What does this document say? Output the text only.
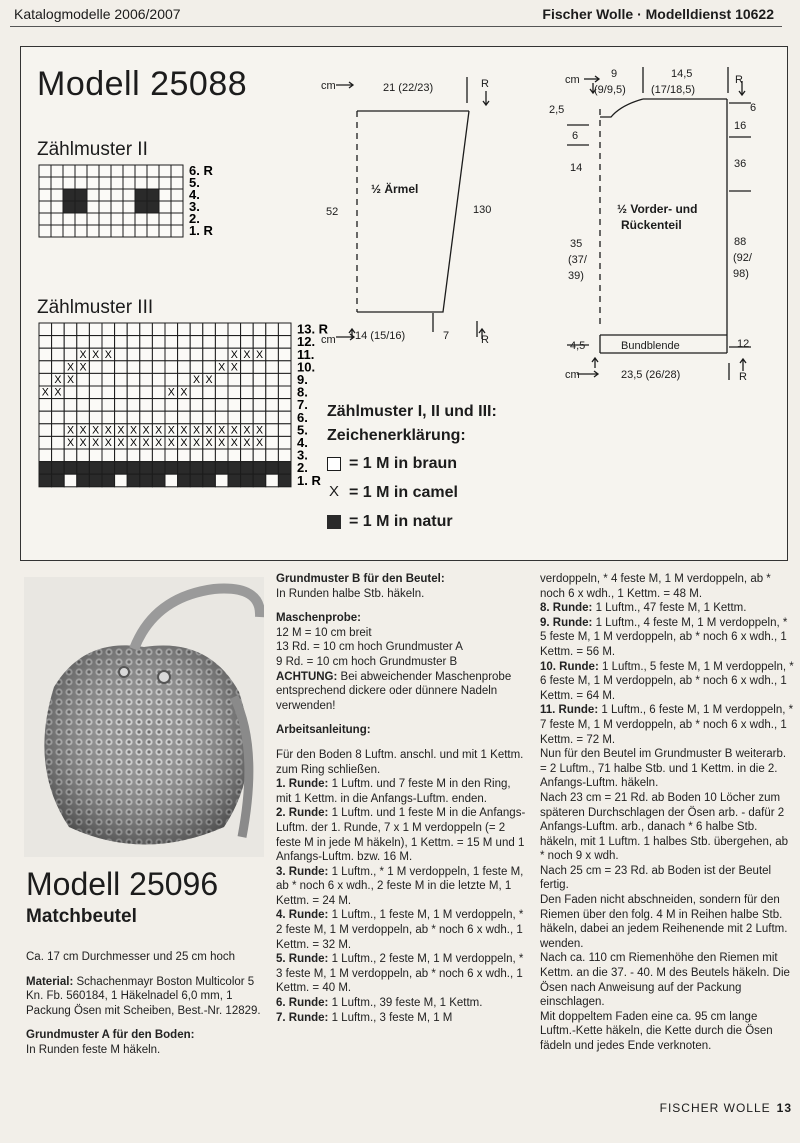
Katalogmodelle 2006/2007	Fischer Wolle · Modelldienst 10622
Modell 25088
Zählmuster II
Zählmuster III
6. R
5.
4.
3.
2.
1. R
13. R
12.
X X X	X X X	11.
X X	X X	10.
X X	X X	9.
X X	X X	8.
7.
6.
X X X X X X X X X X X X X X X X	5.
X X X X X X X X X X X X X X X X	4.
3.
2.
1. R
cm	21 (22/23)	R
52
½ Ärmel
130
cm 14 (15/16)	7	R
cm	9
(9/9,5)
14,5
(17/18,5)
R
2,5
6
14
35
(37/
39)
4,5
6
16
36
88
(92/
98)
12
½ Vorder- und
Rückenteil
Bundblende
cm	23,5 (26/28)	R
Zählmuster I, II und III:
Zeichenerklärung:
= 1 M in braun
X = 1 M in camel
= 1 M in natur
Modell 25096
Matchbeutel

Ca. 17 cm Durchmesser und 25 cm hoch

Material: Schachenmayr Boston Multicolor 5 Kn. Fb. 560184, 1 Häkelnadel 6,0 mm, 1 Packung Ösen mit Scheiben, Best.-Nr. 12829.

Grundmuster A für den Boden:

In Runden feste M häkeln.

Grundmuster B für den Beutel:

In Runden halbe Stb. häkeln.

Maschenprobe:

12 M = 10 cm breit

13 Rd. = 10 cm hoch Grundmuster A

9 Rd. = 10 cm hoch Grundmuster B

ACHTUNG: Bei abweichender Maschenprobe entsprechend dickere oder dünnere Nadeln verwenden!

Arbeitsanleitung:

Für den Boden 8 Luftm. anschl. und mit 1 Kettm. zum Ring schließen.

1. Runde: 1 Luftm. und 7 feste M in den Ring, mit 1 Kettm. in die Anfangs-Luftm. enden.

2. Runde: 1 Luftm. und 1 feste M in die Anfangs-Luftm. der 1. Runde, 7 x 1 M verdoppeln (= 2 feste M in jede M häkeln), 1 Kettm. = 15 M und 1 Anfangs-Luftm. bzw. 16 M.

3. Runde: 1 Luftm., * 1 M verdoppeln, 1 feste M, ab * noch 6 x wdh., 2 feste M in die letzte M, 1 Kettm. = 24 M.

4. Runde: 1 Luftm., 1 feste M, 1 M verdoppeln, * 2 feste M, 1 M verdoppeln, ab * noch 6 x wdh., 1 Kettm. = 32 M.

5. Runde: 1 Luftm., 2 feste M, 1 M verdoppeln, * 3 feste M, 1 M verdoppeln, ab * noch 6 x wdh., 1 Kettm. = 40 M.

6. Runde: 1 Luftm., 39 feste M, 1 Kettm.

7. Runde: 1 Luftm., 3 feste M, 1 M

verdoppeln, * 4 feste M, 1 M verdoppeln, ab * noch 6 x wdh., 1 Kettm. = 48 M.

8. Runde: 1 Luftm., 47 feste M, 1 Kettm.

9. Runde: 1 Luftm., 4 feste M, 1 M verdoppeln, * 5 feste M, 1 M verdoppeln, ab * noch 6 x wdh., 1 Kettm. = 56 M.

10. Runde: 1 Luftm., 5 feste M, 1 M verdoppeln, * 6 feste M, 1 M verdoppeln, ab * noch 6 x wdh., 1 Kettm. = 64 M.

11. Runde: 1 Luftm., 6 feste M, 1 M verdoppeln, * 7 feste M, 1 M verdoppeln, ab * noch 6 x wdh., 1 Kettm. = 72 M.

Nun für den Beutel im Grundmuster B weiterarb. = 2 Luftm., 71 halbe Stb. und 1 Kettm. in die 2. Anfangs-Luftm. häkeln.

Nach 23 cm = 21 Rd. ab Boden 10 Löcher zum späteren Durchschlagen der Ösen arb. - dafür 2 Anfangs-Luftm. arb., danach * 6 halbe Stb. häkeln, mit 1 Luftm. 1 halbes Stb. übergehen, ab * noch 9 x wdh.

Nach 25 cm = 23 Rd. ab Boden ist der Beutel fertig.

Den Faden nicht abschneiden, sondern für den Riemen über den folg. 4 M in Reihen halbe Stb. häkeln, dabei an jedem Reihenende mit 2 Luftm. wenden.

Nach ca. 110 cm Riemenhöhe den Riemen mit Kettm. an die 37. - 40. M des Beutels häkeln. Die Ösen nach Anweisung auf der Packung einschlagen.

Mit doppeltem Faden eine ca. 95 cm lange Luftm.-Kette häkeln, die Kette durch die Ösen fädeln und jedes Ende verknoten.

FISCHER WOLLE 13
